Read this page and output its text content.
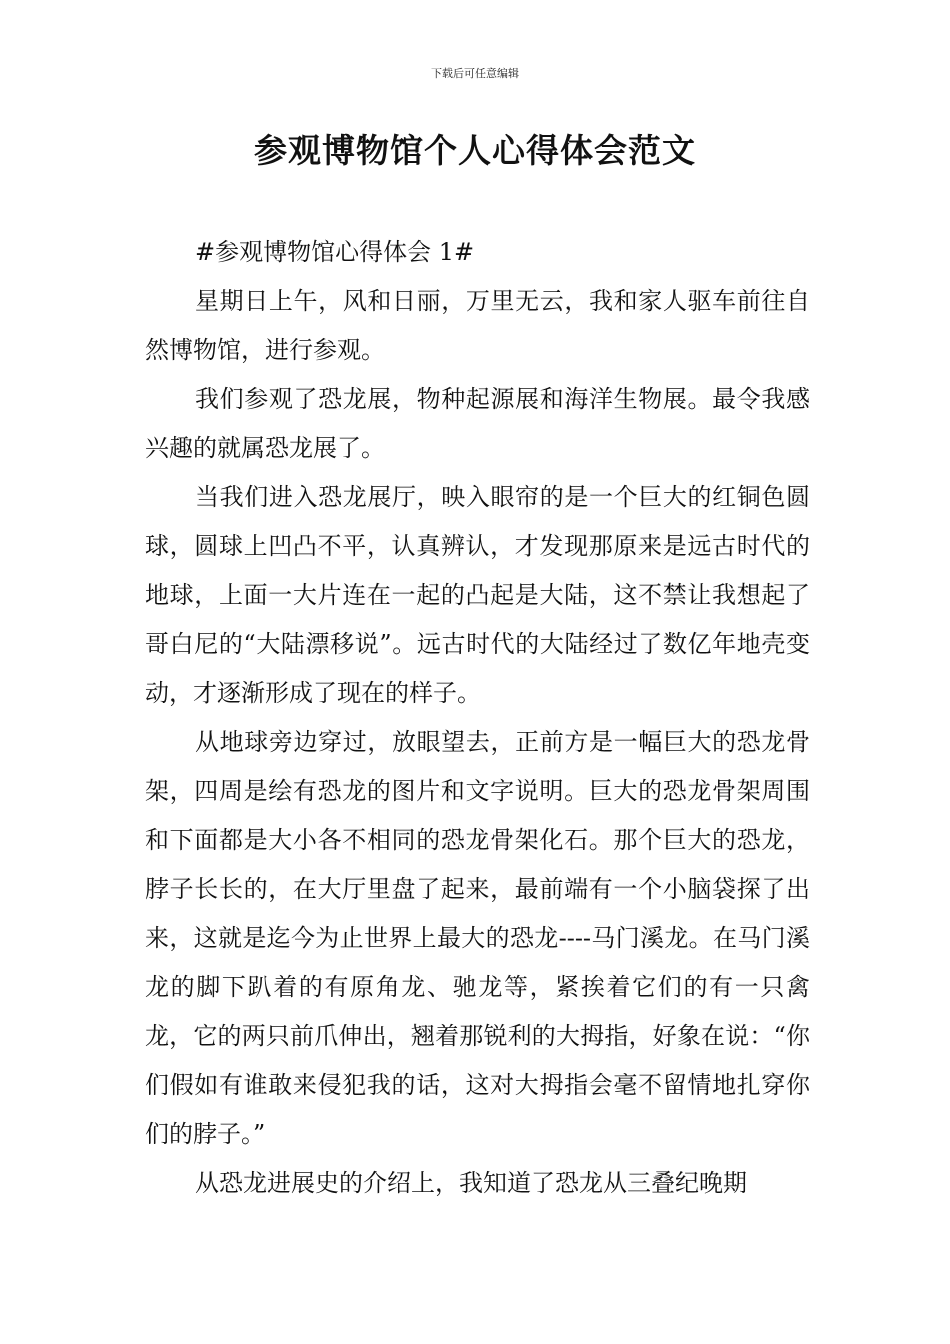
下载后可任意编辑
参观博物馆个人心得体会范文

#参观博物馆心得体会 1#

星期日上午，风和日丽，万里无云，我和家人驱车前往自然博物馆，进行参观。

我们参观了恐龙展，物种起源展和海洋生物展。最令我感兴趣的就属恐龙展了。

当我们进入恐龙展厅，映入眼帘的是一个巨大的红铜色圆球，圆球上凹凸不平，认真辨认，才发现那原来是远古时代的地球，上面一大片连在一起的凸起是大陆，这不禁让我想起了哥白尼的“大陆漂移说”。远古时代的大陆经过了数亿年地壳变动，才逐渐形成了现在的样子。

从地球旁边穿过，放眼望去，正前方是一幅巨大的恐龙骨架，四周是绘有恐龙的图片和文字说明。巨大的恐龙骨架周围和下面都是大小各不相同的恐龙骨架化石。那个巨大的恐龙，脖子长长的，在大厅里盘了起来，最前端有一个小脑袋探了出来，这就是迄今为止世界上最大的恐龙----马门溪龙。在马门溪龙的脚下趴着的有原角龙、驰龙等，紧挨着它们的有一只禽龙，它的两只前爪伸出，翘着那锐利的大拇指，好象在说：“你们假如有谁敢来侵犯我的话，这对大拇指会毫不留情地扎穿你们的脖子。”

从恐龙进展史的介绍上，我知道了恐龙从三叠纪晚期
